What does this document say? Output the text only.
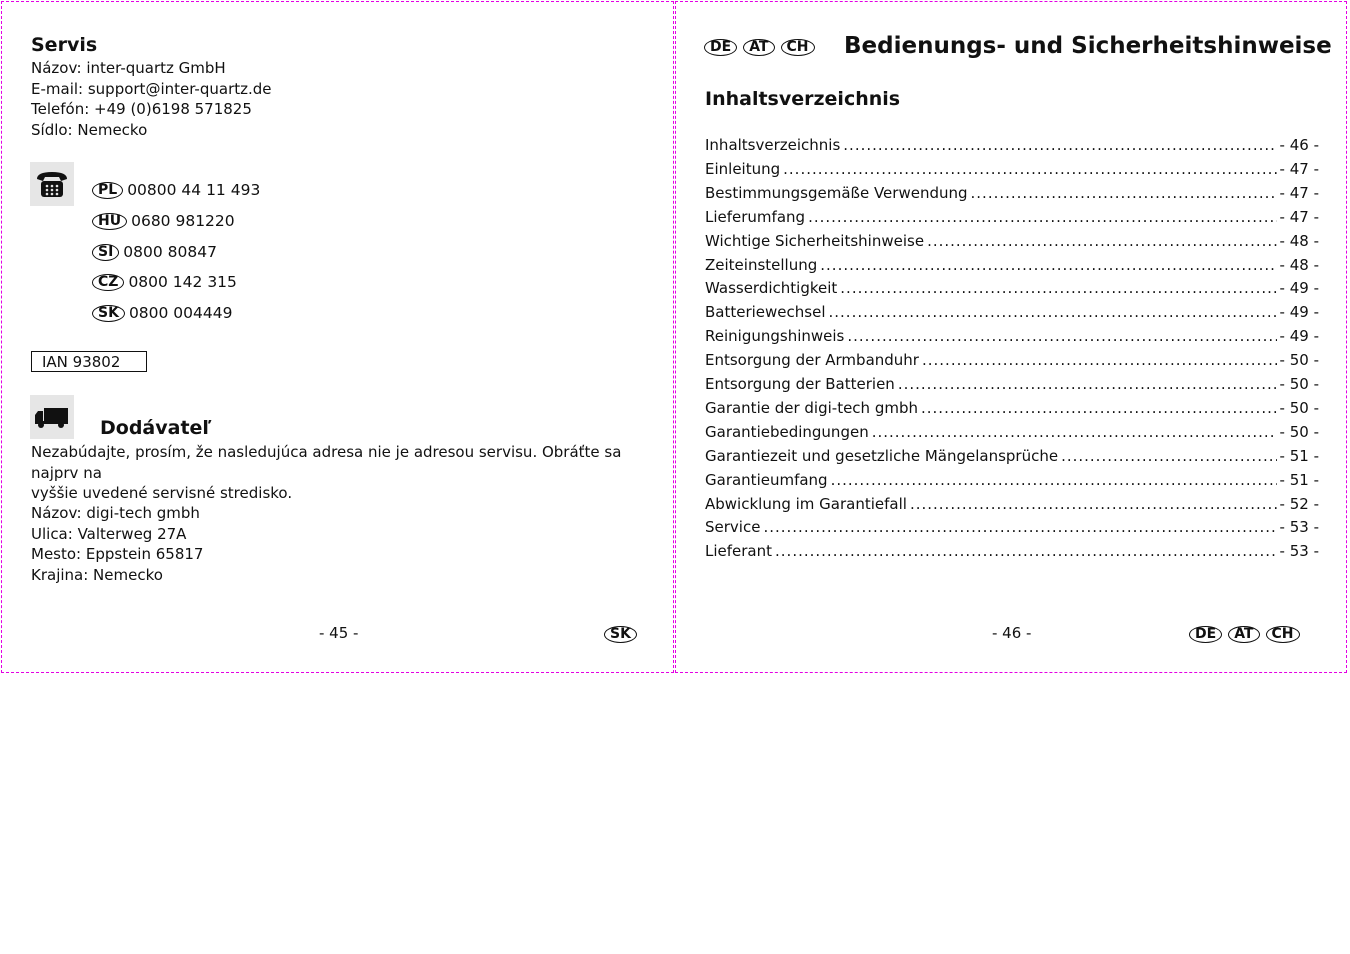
Servis
Názov: inter-quartz GmbH
E-mail: support@inter-quartz.de
Telefón: +49 (0)6198 571825
Sídlo: Nemecko
PL 00800 44 11 493
HU 0680 981220
SI 0800 80847
CZ 0800 142 315
SK 0800 004449
IAN 93802
Dodávateľ
Nezabúdajte, prosím, že nasledujúca adresa nie je adresou servisu. Obráťte sa najprv na
vyššie uvedené servisné stredisko.
Názov: digi-tech gmbh
Ulica: Valterweg 27A
Mesto: Eppstein 65817
Krajina: Nemecko
- 45 -	SK
DE AT CH Bedienungs- und Sicherheitshinweise
Inhaltsverzeichnis
Inhaltsverzeichnis .....	- 46 -
Einleitung .....	- 47 -
Bestimmungsgemäße Verwendung .....	- 47 -
Lieferumfang .....	- 47 -
Wichtige Sicherheitshinweise .....	- 48 -
Zeiteinstellung .....	- 48 -
Wasserdichtigkeit .....	- 49 -
Batteriewechsel .....	- 49 -
Reinigungshinweis .....	- 49 -
Entsorgung der Armbanduhr .....	- 50 -
Entsorgung der Batterien .....	- 50 -
Garantie der digi-tech gmbh .....	- 50 -
Garantiebedingungen .....	- 50 -
Garantiezeit und gesetzliche Mängelansprüche .....	- 51 -
Garantieumfang .....	- 51 -
Abwicklung im Garantiefall .....	- 52 -
Service .....	- 53 -
Lieferant .....	- 53 -
- 46 -	DE AT CH
